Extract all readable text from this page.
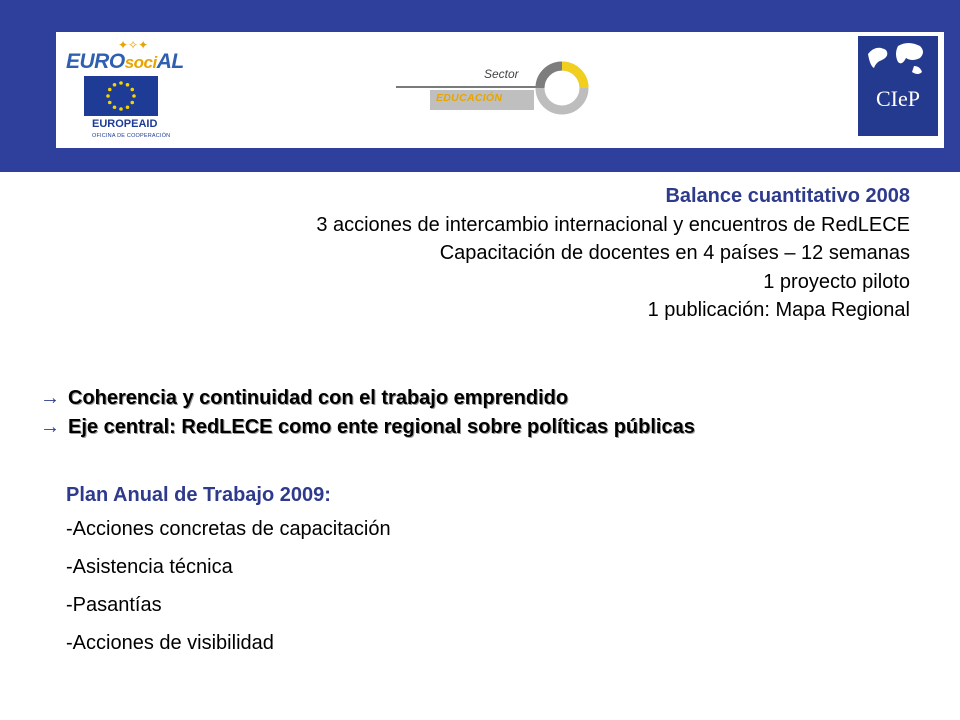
✦✧✦
EUROsociAL
EUROPEAID
OFICINA DE COOPERACIÓN
Sector
EDUCACIÓN	CIeP
Balance cuantitativo 2008
3 acciones de intercambio internacional y encuentros de RedLECE
Capacitación de docentes en 4 países – 12 semanas
1 proyecto piloto
1 publicación: Mapa Regional
→ Coherencia y continuidad con el trabajo emprendido
→ Eje central: RedLECE como ente regional sobre políticas públicas
Plan Anual de Trabajo 2009:
-Acciones concretas de capacitación
-Asistencia técnica
-Pasantías
-Acciones de visibilidad
